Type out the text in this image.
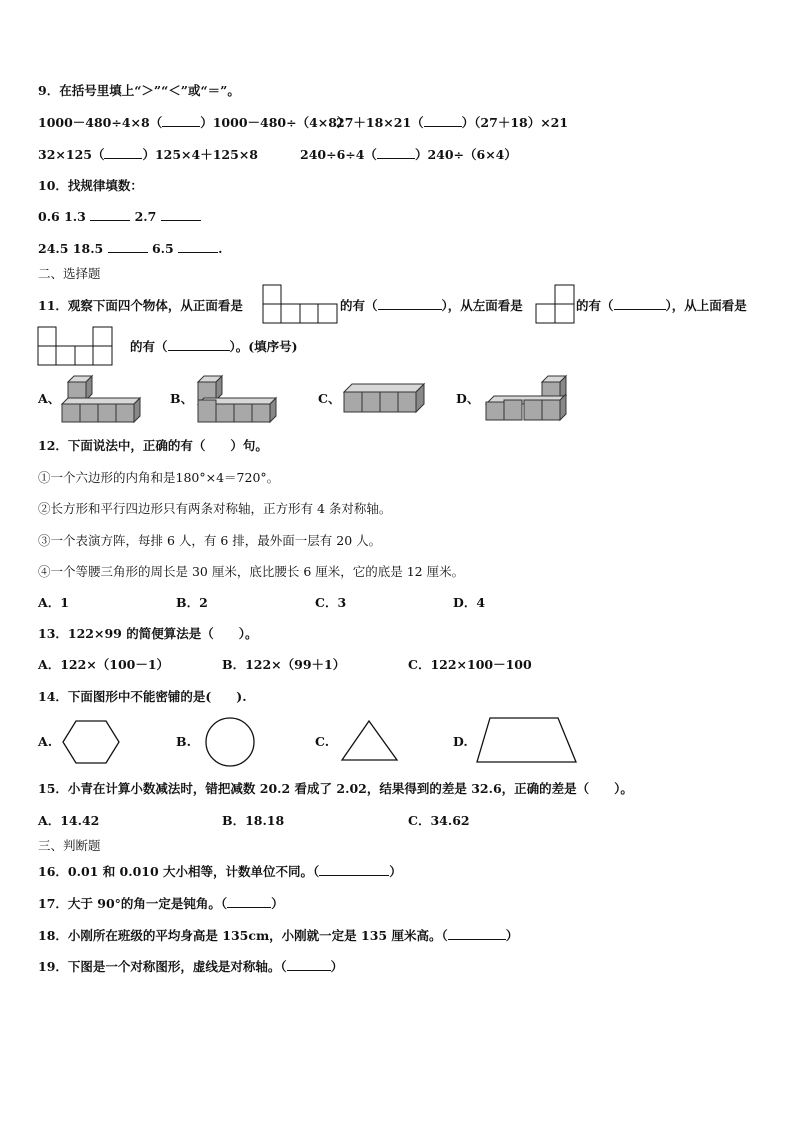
9．在括号里填上“＞”“＜”或“＝”。
1000－480÷4×8（	）1000－480÷（4×8）
27＋18×21（	）（27＋18）×21
32×125（	）125×4＋125×8	240÷6÷4（	）240÷（6×4）
10．找规律填数：
0.6 1.3	2.7
24.5 18.5	6.5	.
二、选择题
11．观察下面四个物体，从正面看是	的有（	），从左面看是	的有（	），从上面看是
的有（	）。(填序号)
A、	B、	C、	D、
12．下面说法中，正确的有（　　）句。
①一个六边形的内角和是180°×4＝720°。
②长方形和平行四边形只有两条对称轴，正方形有 4 条对称轴。
③一个表演方阵，每排 6 人，有 6 排，最外面一层有 20 人。
④一个等腰三角形的周长是 30 厘米，底比腰长 6 厘米，它的底是 12 厘米。
A．1	B．2	C．3	D．4
13．122×99 的简便算法是（　　）。
A．122×（100－1）	B．122×（99＋1）	C．122×100－100
14．下面图形中不能密铺的是(　　).
A.	B.	C.	D.
15．小青在计算小数减法时，错把减数 20.2 看成了 2.02，结果得到的差是 32.6，正确的差是（　　）。
A．14.42	B．18.18	C．34.62
三、判断题
16．0.01 和 0.010 大小相等，计数单位不同。（	）
17．大于 90°的角一定是钝角。（	）
18．小刚所在班级的平均身高是 135cm，小刚就一定是 135 厘米高。（	）
19．下图是一个对称图形，虚线是对称轴。（	）
